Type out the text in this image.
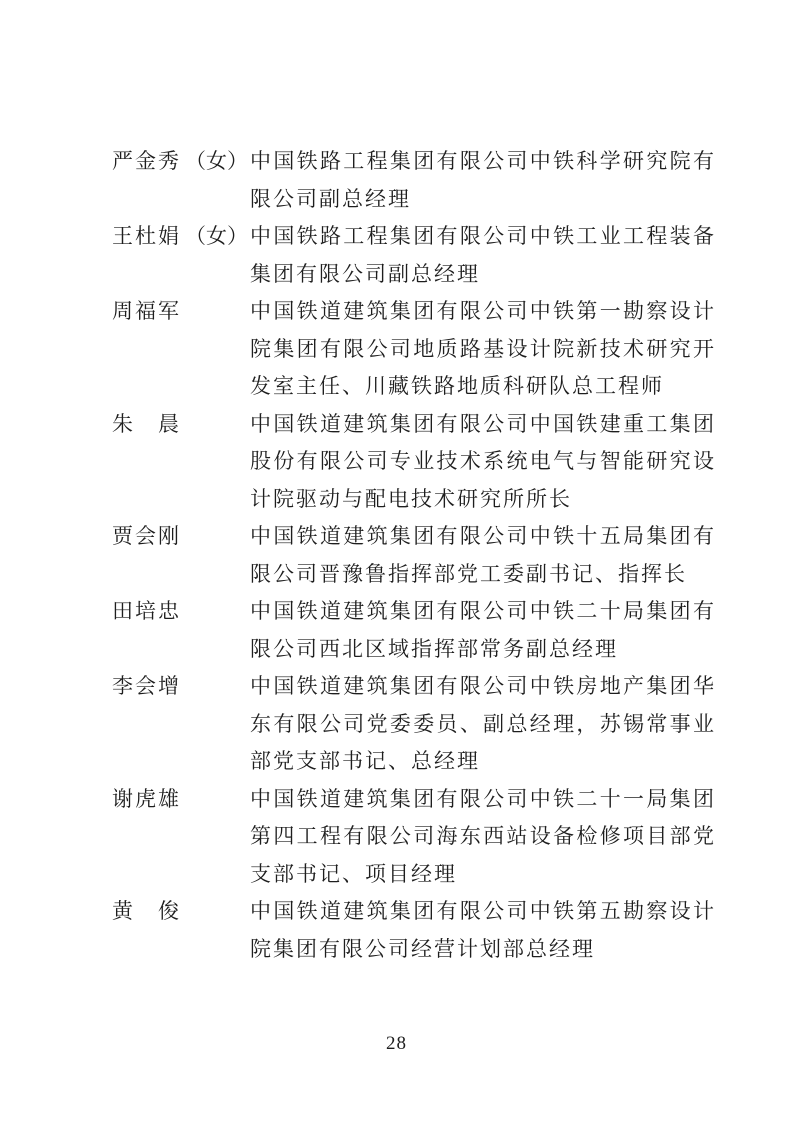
严金秀 （女） 中国铁路工程集团有限公司中铁科学研究院有限公司副总经理
王杜娟 （女） 中国铁路工程集团有限公司中铁工业工程装备集团有限公司副总经理
周福军	中国铁道建筑集团有限公司中铁第一勘察设计院集团有限公司地质路基设计院新技术研究开发室主任、川藏铁路地质科研队总工程师
朱　晨	中国铁道建筑集团有限公司中国铁建重工集团股份有限公司专业技术系统电气与智能研究设计院驱动与配电技术研究所所长
贾会刚	中国铁道建筑集团有限公司中铁十五局集团有限公司晋豫鲁指挥部党工委副书记、指挥长
田培忠	中国铁道建筑集团有限公司中铁二十局集团有限公司西北区域指挥部常务副总经理
李会增	中国铁道建筑集团有限公司中铁房地产集团华东有限公司党委委员、副总经理，苏锡常事业部党支部书记、总经理
谢虎雄	中国铁道建筑集团有限公司中铁二十一局集团第四工程有限公司海东西站设备检修项目部党支部书记、项目经理
黄　俊	中国铁道建筑集团有限公司中铁第五勘察设计院集团有限公司经营计划部总经理
28
